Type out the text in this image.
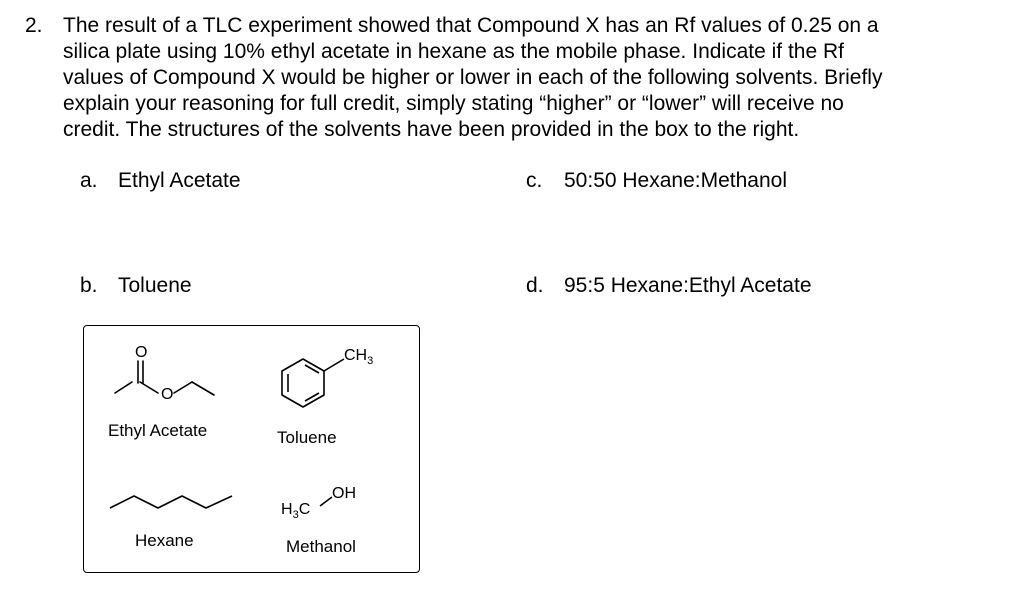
2. The result of a TLC experiment showed that Compound X has an Rf values of 0.25 on a

silica plate using 10% ethyl acetate in hexane as the mobile phase. Indicate if the Rf

values of Compound X would be higher or lower in each of the following solvents. Briefly

explain your reasoning for full credit, simply stating “higher” or “lower” will receive no

credit. The structures of the solvents have been provided in the box to the right.

a. Ethyl Acetate
b. Toluene
c. 50:50 Hexane:Methanol
d. 95:5 Hexane:Ethyl Acetate
O
O
Ethyl Acetate
$CH_3$
Toluene
Hexane
$H_3C$
OH
Methanol
